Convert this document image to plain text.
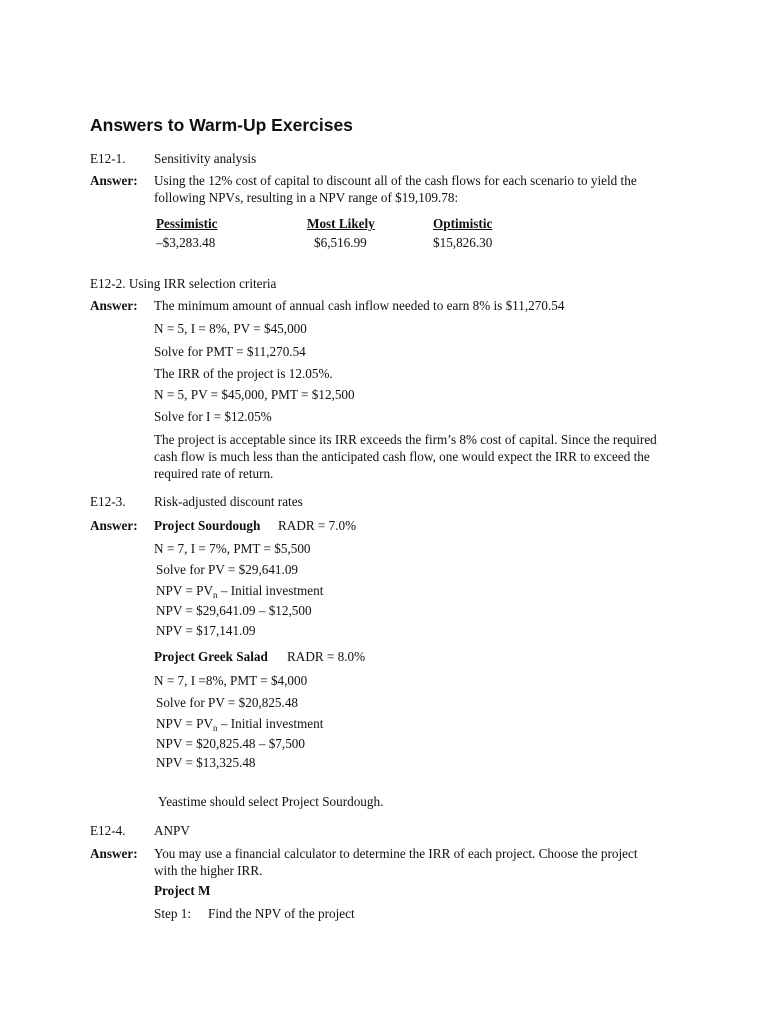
Answers to Warm-Up Exercises
E12-1. Sensitivity analysis
Answer: Using the 12% cost of capital to discount all of the cash flows for each scenario to yield the following NPVs, resulting in a NPV range of $19,109.78:
Pessimistic	Most Likely	Optimistic
–$3,283.48	$6,516.99	$15,826.30
E12-2. Using IRR selection criteria
Answer: The minimum amount of annual cash inflow needed to earn 8% is $11,270.54
N = 5, I = 8%, PV = $45,000
Solve for PMT = $11,270.54
The IRR of the project is 12.05%.
N = 5, PV = $45,000, PMT = $12,500
Solve for I = $12.05%
The project is acceptable since its IRR exceeds the firm’s 8% cost of capital. Since the required cash flow is much less than the anticipated cash flow, one would expect the IRR to exceed the required rate of return.
E12-3. Risk-adjusted discount rates
Answer: Project Sourdough RADR = 7.0%
N = 7, I = 7%, PMT = $5,500
Solve for PV = $29,641.09
NPV = $PV_n$ – Initial investment
NPV = $29,641.09 – $12,500
NPV = $17,141.09
Project Greek Salad RADR = 8.0%
N = 7, I =8%, PMT = $4,000
Solve for PV = $20,825.48
NPV = $PV_n$ – Initial investment
NPV = $20,825.48 – $7,500
NPV = $13,325.48
Yeastime should select Project Sourdough.
E12-4. ANPV
Answer: You may use a financial calculator to determine the IRR of each project. Choose the project with the higher IRR.
Project M
Step 1: Find the NPV of the project
